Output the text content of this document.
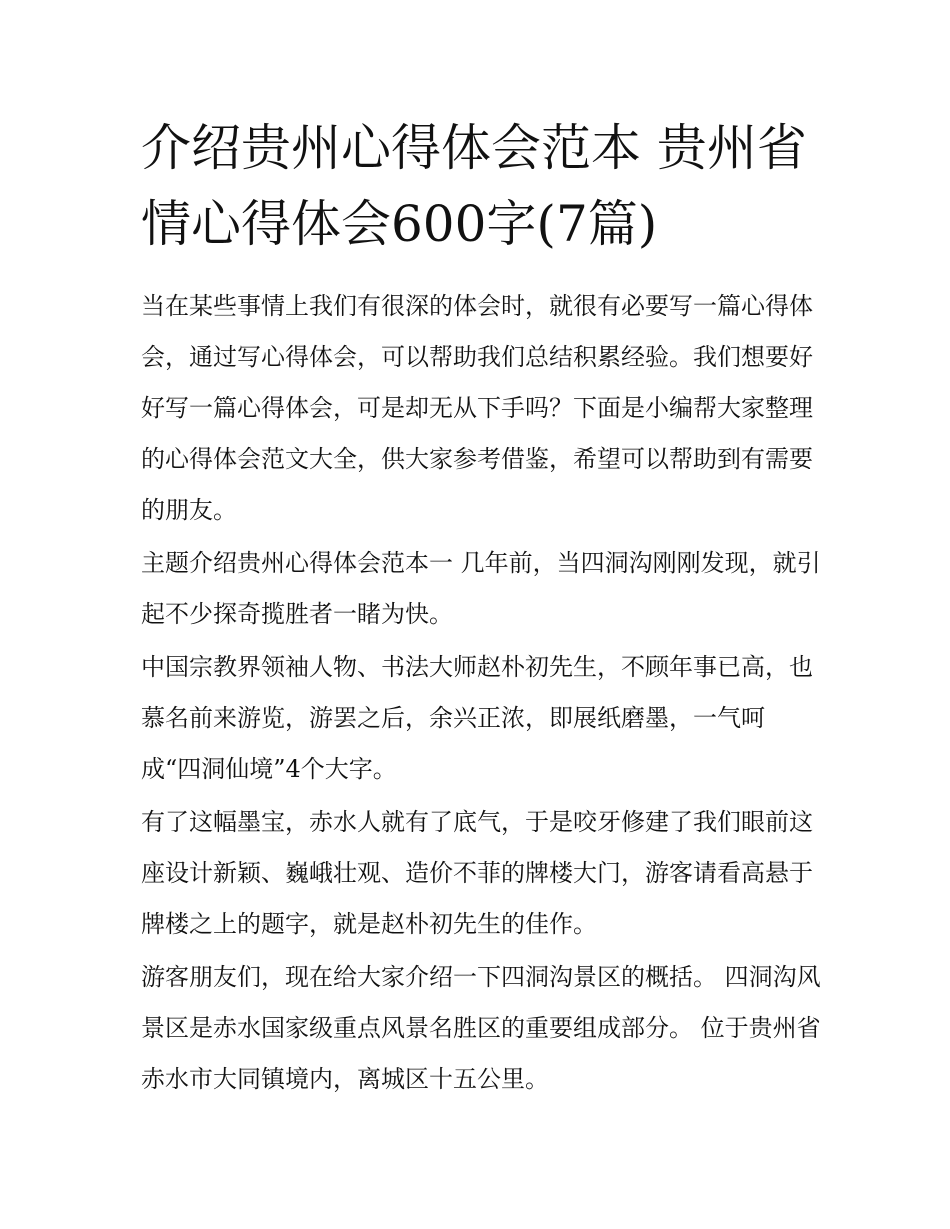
介绍贵州心得体会范本 贵州省情心得体会600字(7篇)

当在某些事情上我们有很深的体会时，就很有必要写一篇心得体会，通过写心得体会，可以帮助我们总结积累经验。我们想要好好写一篇心得体会，可是却无从下手吗？下面是小编帮大家整理的心得体会范文大全，供大家参考借鉴，希望可以帮助到有需要的朋友。

主题介绍贵州心得体会范本一 几年前，当四洞沟刚刚发现，就引起不少探奇揽胜者一睹为快。

中国宗教界领袖人物、书法大师赵朴初先生，不顾年事已高，也慕名前来游览，游罢之后，余兴正浓，即展纸磨墨，一气呵成“四洞仙境”4个大字。

有了这幅墨宝，赤水人就有了底气，于是咬牙修建了我们眼前这座设计新颖、巍峨壮观、造价不菲的牌楼大门，游客请看高悬于牌楼之上的题字，就是赵朴初先生的佳作。

游客朋友们，现在给大家介绍一下四洞沟景区的概括。 四洞沟风景区是赤水国家级重点风景名胜区的重要组成部分。 位于贵州省赤水市大同镇境内，离城区十五公里。
